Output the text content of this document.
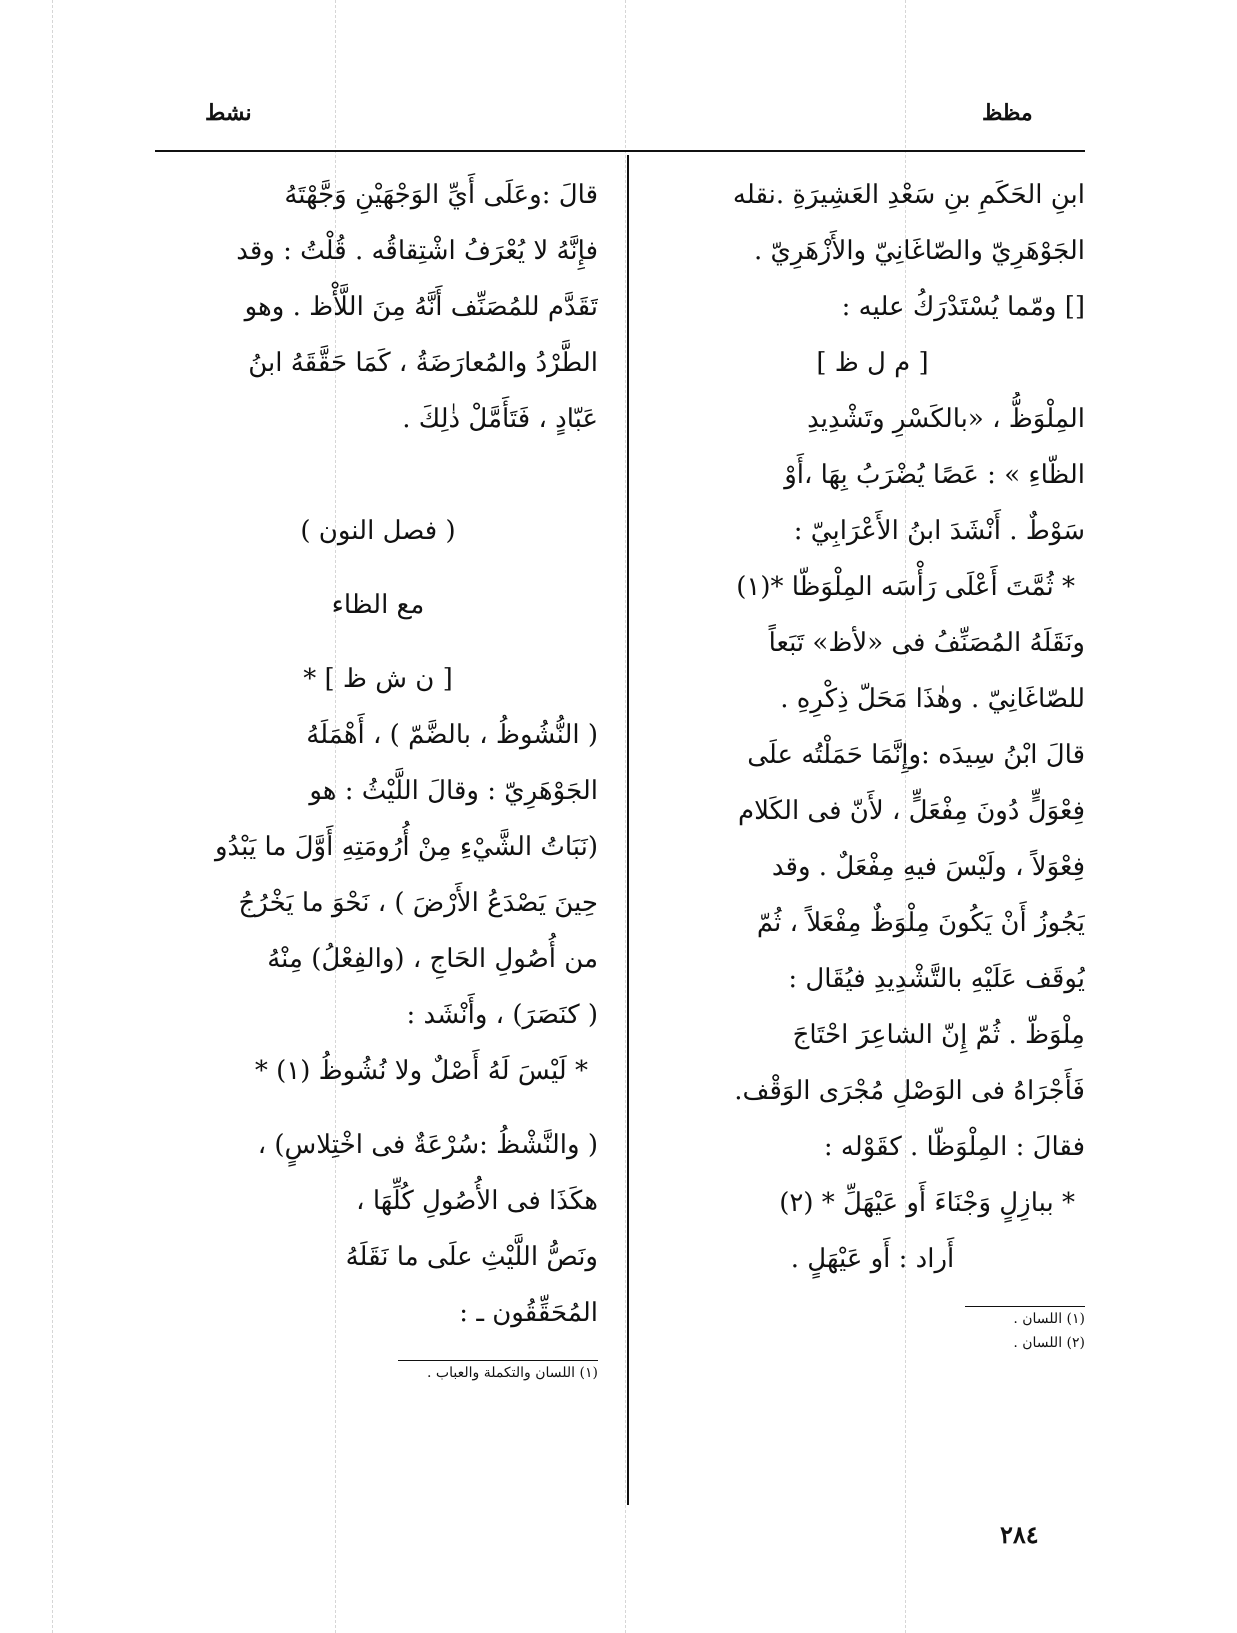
نشط	مظظ
ابنِ الحَكَمِ بنِ سَعْدِ العَشِيرَةِ .نقله
الجَوْهَرِيّ والصّاغَانِيّ والأَزْهَرِيّ .
[] ومّما يُسْتَدْرَكُ عليه :
[ م ل ظ ]
المِلْوَظُّ ، «بالكَسْرِ وتَشْدِيدِ
الظّاءِ » : عَصًا يُضْرَبُ بِهَا ،أَوْ
سَوْطٌ . أَنْشَدَ ابنُ الأَعْرَابِيّ :
* ثُمَّتَ أَعْلَى رَأْسَه المِلْوَظّا *(١)
ونَقَلَهُ المُصَنِّفُ فى «لأظ» تَبَعاً
للصّاغَانِيّ . وهٰذَا مَحَلّ ذِكْرِهِ .
قالَ ابْنُ سِيدَه :وإِنَّمَا حَمَلْتُه علَى
فِعْوَلٍّ دُونَ مِفْعَلٍّ ، لأَنّ فى الكَلام
فِعْوَلاً ، ولَيْسَ فيهِ مِفْعَلٌ . وقد
يَجُوزُ أَنْ يَكُونَ مِلْوَظٌ مِفْعَلاً ، ثُمّ
يُوقَف عَلَيْهِ بالتَّشْدِيدِ فيُقَال :
مِلْوَظّ . ثُمّ إِنّ الشاعِرَ احْتَاجَ
فَأَجْرَاهُ فى الوَصْلِ مُجْرَى الوَقْف.
فقالَ : المِلْوَظّا . كقَوْله :
* ببازِلٍ وَجْنَاءَ أَو عَيْهَلِّ * (٢)
أَراد : أَو عَيْهَلٍ .
(١) اللسان .
(٢) اللسان .
قالَ :وعَلَى أَيِّ الوَجْهَيْنِ وَجَّهْتَهُ
فإِنَّهُ لا يُعْرَفُ اشْتِقاقُه . قُلْتُ : وقد
تَقَدَّم للمُصَنِّف أَنَّهُ مِنَ اللَّأْظ . وهو
الطَّرْدُ والمُعارَضَةُ ، كَمَا حَقَّقَهُ ابنُ
عَبّادٍ ، فَتَأَمَّلْ ذٰلِكَ .
( فصل النون )
مع الظاء
[ ن ش ظ ] *
( النُّشُوظُ ، بالضَّمّ ) ، أَهْمَلَهُ
الجَوْهَرِيّ : وقالَ اللَّيْثُ : هو
(نَبَاتُ الشَّيْءِ مِنْ أُرُومَتِهِ أَوَّلَ ما يَبْدُو
حِينَ يَصْدَعُ الأَرْضَ ) ، نَحْوَ ما يَخْرُجُ
من أُصُولِ الحَاجِ ، (والفِعْلُ) مِنْهُ
( كنَصَرَ) ، وأَنْشَد :
* لَيْسَ لَهُ أَصْلٌ ولا نُشُوظُ (١) *
( والنَّشْظُ :سُرْعَةٌ فى اخْتِلاسٍ) ،
هكَذَا فى الأُصُولِ كُلِّهَا ،
ونَصُّ اللَّيْثِ علَى ما نَقَلَهُ
المُحَقِّقُون ـ :
(١) اللسان والتكملة والعباب .
٢٨٤
